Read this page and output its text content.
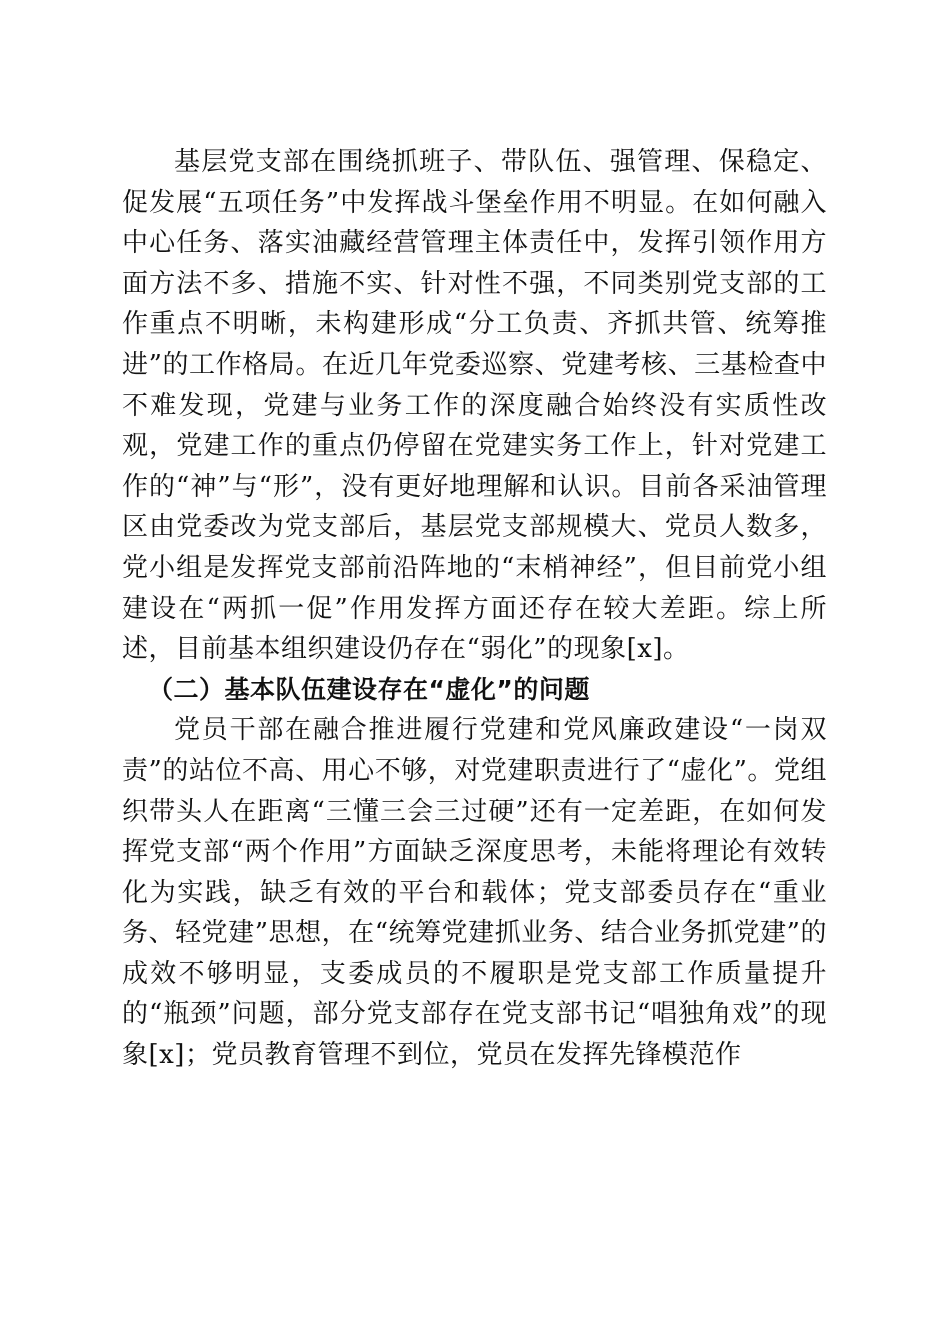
基层党支部在围绕抓班子、带队伍、强管理、保稳定、促发展“五项任务”中发挥战斗堡垒作用不明显。在如何融入中心任务、落实油藏经营管理主体责任中，发挥引领作用方面方法不多、措施不实、针对性不强，不同类别党支部的工作重点不明晰，未构建形成“分工负责、齐抓共管、统筹推进”的工作格局。在近几年党委巡察、党建考核、三基检查中不难发现，党建与业务工作的深度融合始终没有实质性改观，党建工作的重点仍停留在党建实务工作上，针对党建工作的“神”与“形”，没有更好地理解和认识。目前各采油管理区由党委改为党支部后，基层党支部规模大、党员人数多，党小组是发挥党支部前沿阵地的“末梢神经”，但目前党小组建设在“两抓一促”作用发挥方面还存在较大差距。综上所述，目前基本组织建设仍存在“弱化”的现象[x]。

（二）基本队伍建设存在“虚化”的问题

党员干部在融合推进履行党建和党风廉政建设“一岗双责”的站位不高、用心不够，对党建职责进行了“虚化”。党组织带头人在距离“三懂三会三过硬”还有一定差距，在如何发挥党支部“两个作用”方面缺乏深度思考，未能将理论有效转化为实践，缺乏有效的平台和载体；党支部委员存在“重业务、轻党建”思想，在“统筹党建抓业务、结合业务抓党建”的成效不够明显，支委成员的不履职是党支部工作质量提升的“瓶颈”问题，部分党支部存在党支部书记“唱独角戏”的现象[x]；党员教育管理不到位，党员在发挥先锋模范作
